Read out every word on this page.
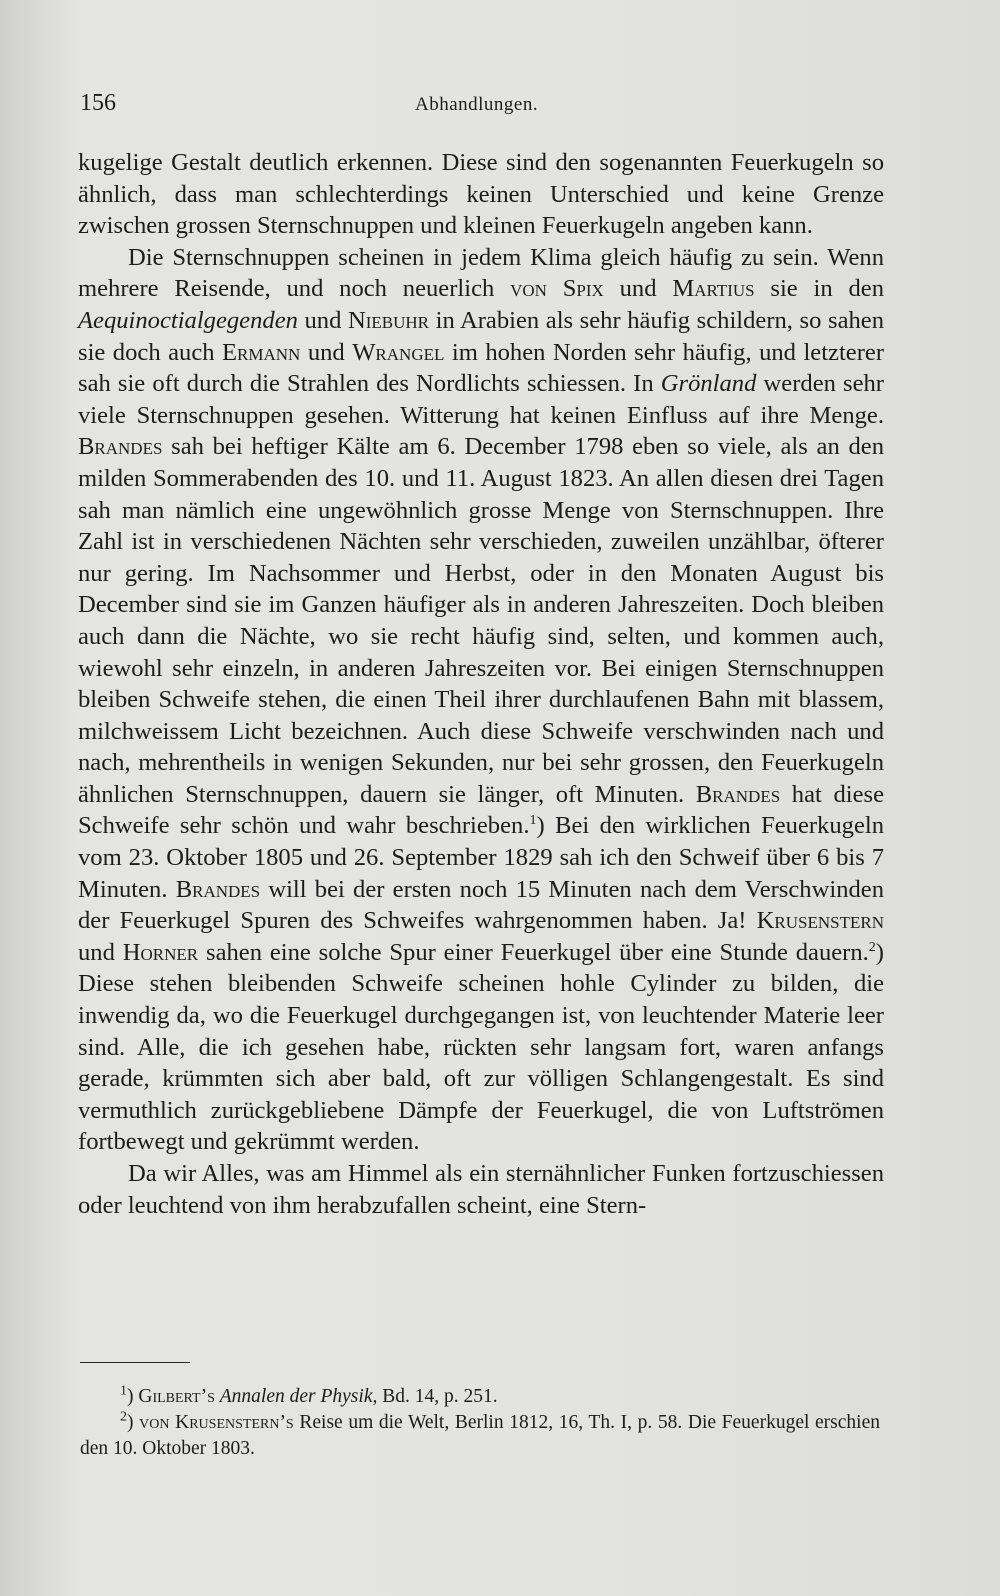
156	Abhandlungen.

kugelige Gestalt deutlich erkennen. Diese sind den sogenannten Feuerkugeln so ähnlich, dass man schlechterdings keinen Unterschied und keine Grenze zwischen grossen Sternschnuppen und kleinen Feuerkugeln angeben kann.

Die Sternschnuppen scheinen in jedem Klima gleich häufig zu sein. Wenn mehrere Reisende, und noch neuerlich von Spix und Martius sie in den Aequinoctialgegenden und Niebuhr in Arabien als sehr häufig schildern, so sahen sie doch auch Ermann und Wrangel im hohen Norden sehr häufig, und letzterer sah sie oft durch die Strahlen des Nordlichts schiessen. In Grönland werden sehr viele Sternschnuppen gesehen. Witterung hat keinen Einfluss auf ihre Menge. Brandes sah bei heftiger Kälte am 6. December 1798 eben so viele, als an den milden Sommerabenden des 10. und 11. August 1823. An allen diesen drei Tagen sah man nämlich eine ungewöhnlich grosse Menge von Sternschnuppen. Ihre Zahl ist in verschiedenen Nächten sehr verschieden, zuweilen unzählbar, öfterer nur gering. Im Nachsommer und Herbst, oder in den Monaten August bis December sind sie im Ganzen häufiger als in anderen Jahreszeiten. Doch bleiben auch dann die Nächte, wo sie recht häufig sind, selten, und kommen auch, wiewohl sehr einzeln, in anderen Jahreszeiten vor. Bei einigen Sternschnuppen bleiben Schweife stehen, die einen Theil ihrer durchlaufenen Bahn mit blassem, milchweissem Licht bezeichnen. Auch diese Schweife verschwinden nach und nach, mehrentheils in wenigen Sekunden, nur bei sehr grossen, den Feuerkugeln ähnlichen Sternschnuppen, dauern sie länger, oft Minuten. Brandes hat diese Schweife sehr schön und wahr beschrieben.$^1$) Bei den wirklichen Feuerkugeln vom 23. Oktober 1805 und 26. September 1829 sah ich den Schweif über 6 bis 7 Minuten. Brandes will bei der ersten noch 15 Minuten nach dem Verschwinden der Feuerkugel Spuren des Schweifes wahrgenommen haben. Ja! Krusenstern und Horner sahen eine solche Spur einer Feuerkugel über eine Stunde dauern.$^2$) Diese stehen bleibenden Schweife scheinen hohle Cylinder zu bilden, die inwendig da, wo die Feuerkugel durchgegangen ist, von leuchtender Materie leer sind. Alle, die ich gesehen habe, rückten sehr langsam fort, waren anfangs gerade, krümmten sich aber bald, oft zur völligen Schlangengestalt. Es sind vermuthlich zurückgebliebene Dämpfe der Feuerkugel, die von Luftströmen fortbewegt und gekrümmt werden.

Da wir Alles, was am Himmel als ein sternähnlicher Funken fortzuschiessen oder leuchtend von ihm herabzufallen scheint, eine Stern-

$^1$) Gilbert’s Annalen der Physik, Bd. 14, p. 251.

$^2$) von Krusenstern’s Reise um die Welt, Berlin 1812, 16, Th. I, p. 58. Die Feuerkugel erschien den 10. Oktober 1803.
